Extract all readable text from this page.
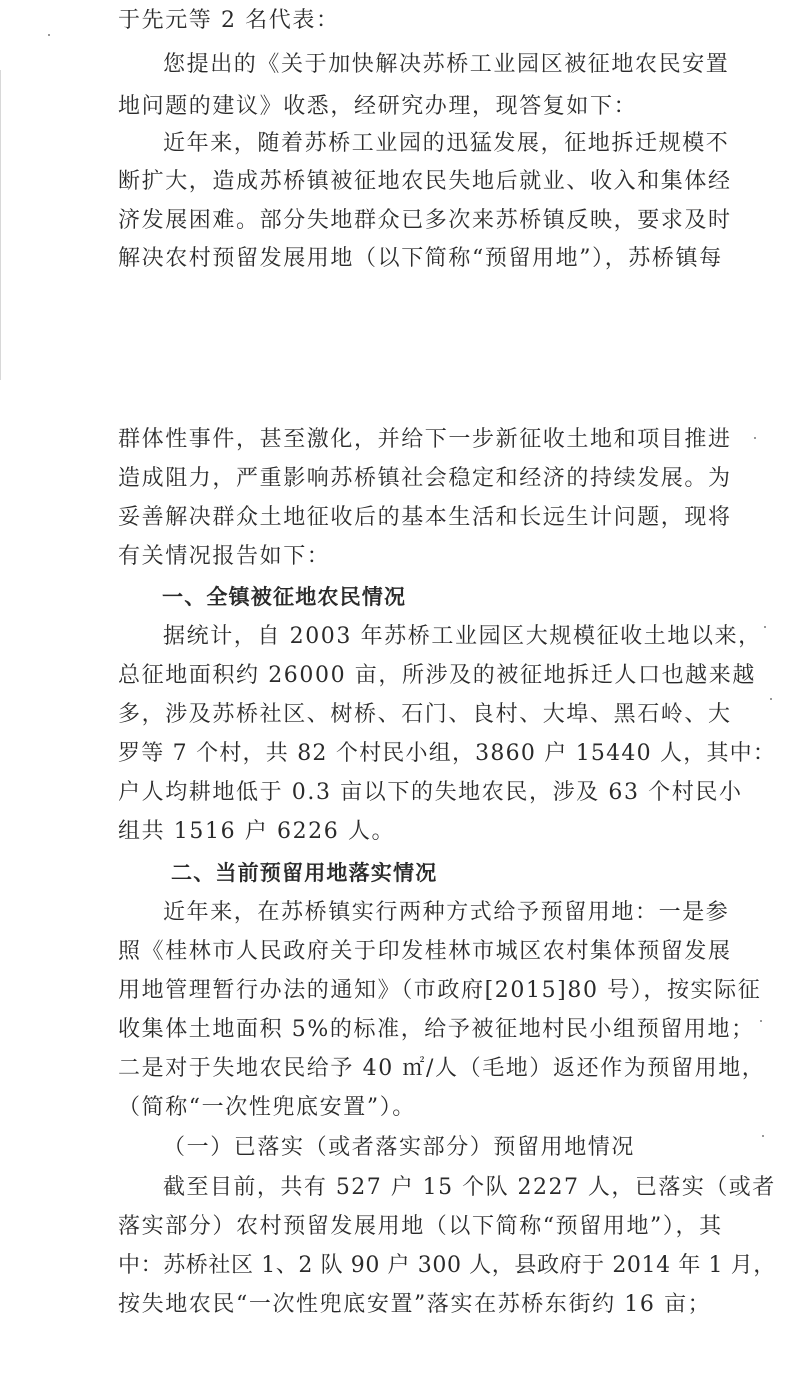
于先元等 2 名代表：
您提出的《关于加快解决苏桥工业园区被征地农民安置
地问题的建议》收悉，经研究办理，现答复如下：
近年来，随着苏桥工业园的迅猛发展，征地拆迁规模不
断扩大，造成苏桥镇被征地农民失地后就业、收入和集体经
济发展困难。部分失地群众已多次来苏桥镇反映，要求及时
解决农村预留发展用地（以下简称“预留用地”），苏桥镇每
群体性事件，甚至激化，并给下一步新征收土地和项目推进
造成阻力，严重影响苏桥镇社会稳定和经济的持续发展。为
妥善解决群众土地征收后的基本生活和长远生计问题，现将
有关情况报告如下：
一、全镇被征地农民情况
据统计，自 2003 年苏桥工业园区大规模征收土地以来，
总征地面积约 26000 亩，所涉及的被征地拆迁人口也越来越
多，涉及苏桥社区、树桥、石门、良村、大埠、黑石岭、大
罗等 7 个村，共 82 个村民小组，3860 户 15440 人，其中：
户人均耕地低于 0.3 亩以下的失地农民，涉及 63 个村民小
组共 1516 户 6226 人。
二、当前预留用地落实情况
近年来，在苏桥镇实行两种方式给予预留用地：一是参
照《桂林市人民政府关于印发桂林市城区农村集体预留发展
用地管理暂行办法的通知》（市政府[2015]80 号），按实际征
收集体土地面积 5%的标准，给予被征地村民小组预留用地；
二是对于失地农民给予 40 ㎡/人（毛地）返还作为预留用地，
（简称“一次性兜底安置”）。
（一）已落实（或者落实部分）预留用地情况
截至目前，共有 527 户 15 个队 2227 人，已落实（或者
落实部分）农村预留发展用地（以下简称“预留用地”），其
中：苏桥社区 1、2 队 90 户 300 人，县政府于 2014 年 1 月，
按失地农民“一次性兜底安置”落实在苏桥东街约 16 亩；
